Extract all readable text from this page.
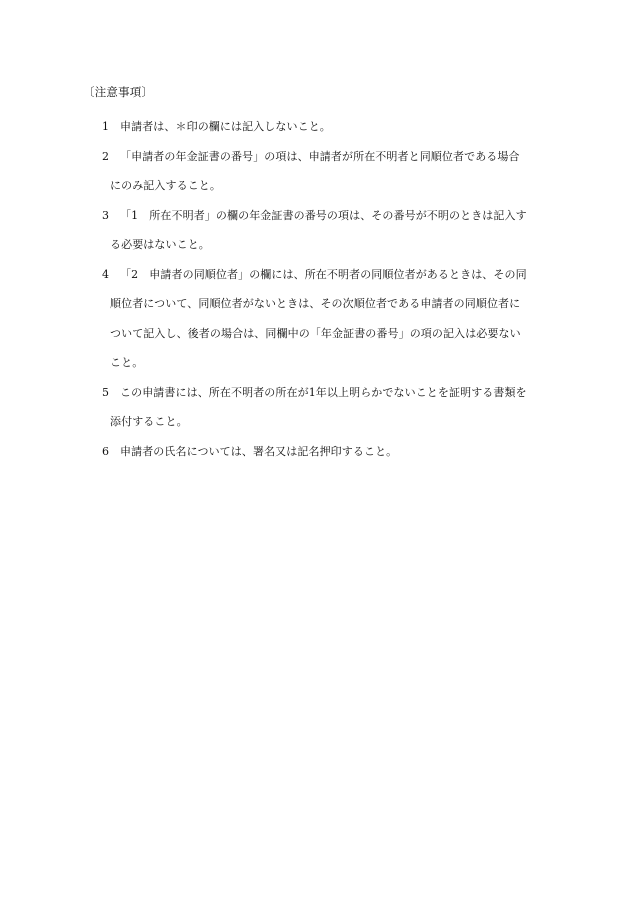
〔注意事項〕
1 申請者は、＊印の欄には記入しないこと。
2 「申請者の年金証書の番号」の項は、申請者が所在不明者と同順位者である場合
にのみ記入すること。
3 「1　所在不明者」の欄の年金証書の番号の項は、その番号が不明のときは記入す
る必要はないこと。
4 「2　申請者の同順位者」の欄には、所在不明者の同順位者があるときは、その同
順位者について、同順位者がないときは、その次順位者である申請者の同順位者に
ついて記入し、後者の場合は、同欄中の「年金証書の番号」の項の記入は必要ない
こと。
5 この申請書には、所在不明者の所在が1年以上明らかでないことを証明する書類を
添付すること。
6 申請者の氏名については、署名又は記名押印すること。
